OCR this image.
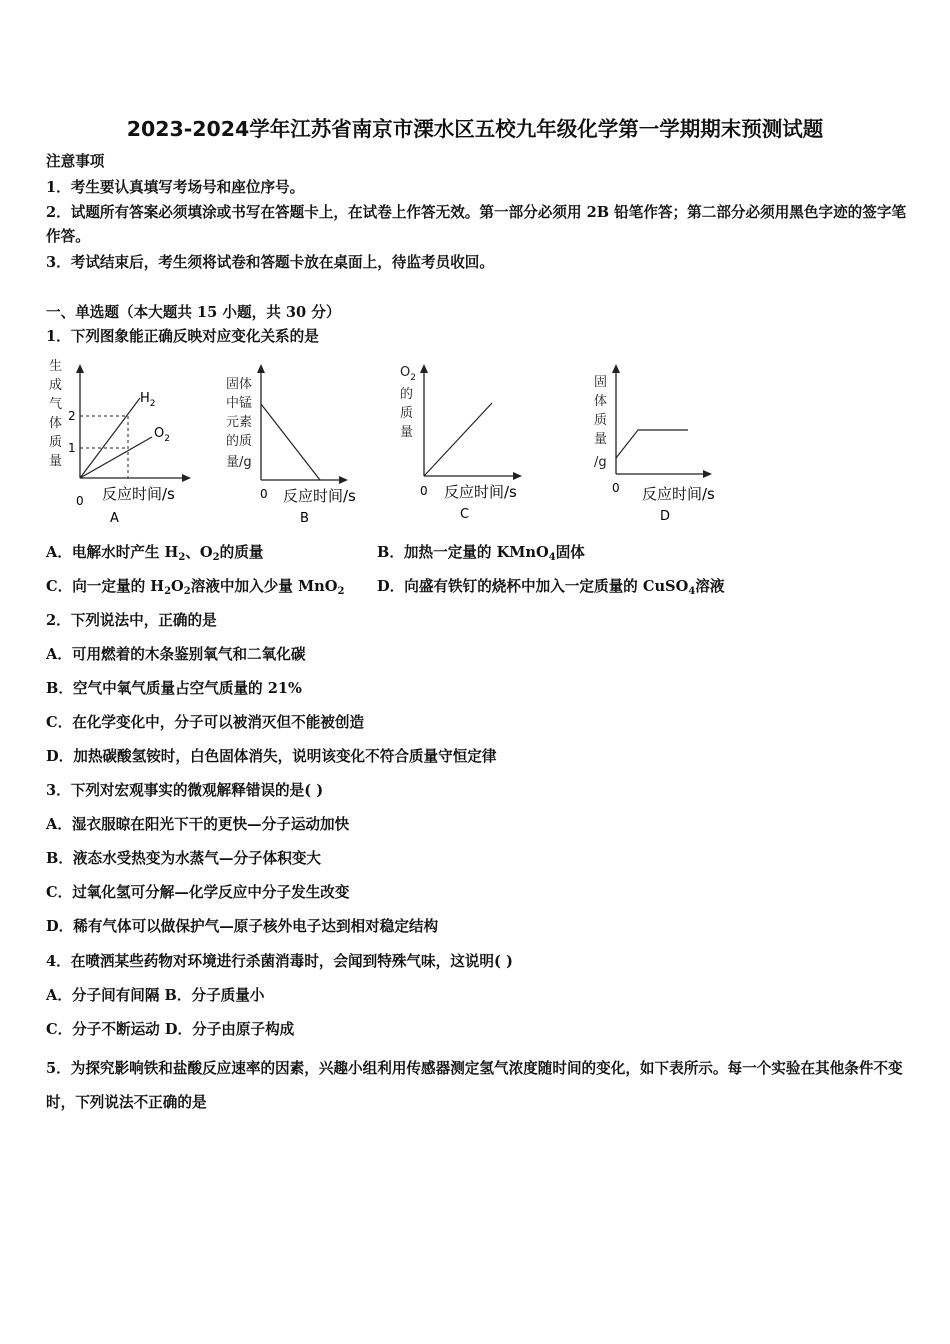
2023-2024学年江苏省南京市溧水区五校九年级化学第一学期期末预测试题
注意事项
1．考生要认真填写考场号和座位序号。
2．试题所有答案必须填涂或书写在答题卡上，在试卷上作答无效。第一部分必须用 2B 铅笔作答；第二部分必须用黑色字迹的签字笔作答。
3．考试结束后，考生须将试卷和答题卡放在桌面上，待监考员收回。
一、单选题（本大题共 15 小题，共 30 分）
1．下列图象能正确反映对应变化关系的是
生
成
气
体
质
量
2
1
$H_2$
$O_2$
0 反应时间/s
A
固体
中锰
元素
的质
量/g
0 反应时间/s
B
$O_2$
的
质
量
0 反应时间/s
C
固
体
质
量
/g
0 反应时间/s
D
A．电解水时产生 $H_2$、$O_2$的质量	B．加热一定量的 KMnO$_4$固体
C．向一定量的 $H_2O_2$溶液中加入少量 MnO$_2$ D．向盛有铁钉的烧杯中加入一定质量的 CuSO$_4$溶液
2．下列说法中，正确的是
A．可用燃着的木条鉴别氧气和二氧化碳
B．空气中氧气质量占空气质量的 21%
C．在化学变化中，分子可以被消灭但不能被创造
D．加热碳酸氢铵时，白色固体消失，说明该变化不符合质量守恒定律
3．下列对宏观事实的微观解释错误的是( )
A．湿衣服晾在阳光下干的更快—分子运动加快
B．液态水受热变为水蒸气—分子体积变大
C．过氧化氢可分解—化学反应中分子发生改变
D．稀有气体可以做保护气—原子核外电子达到相对稳定结构
4．在喷洒某些药物对环境进行杀菌消毒时，会闻到特殊气味，这说明( )
A．分子间有间隔 B．分子质量小
C．分子不断运动 D．分子由原子构成
5．为探究影响铁和盐酸反应速率的因素，兴趣小组利用传感器测定氢气浓度随时间的变化，如下表所示。每一个实验在其他条件不变时，下列说法不正确的是
